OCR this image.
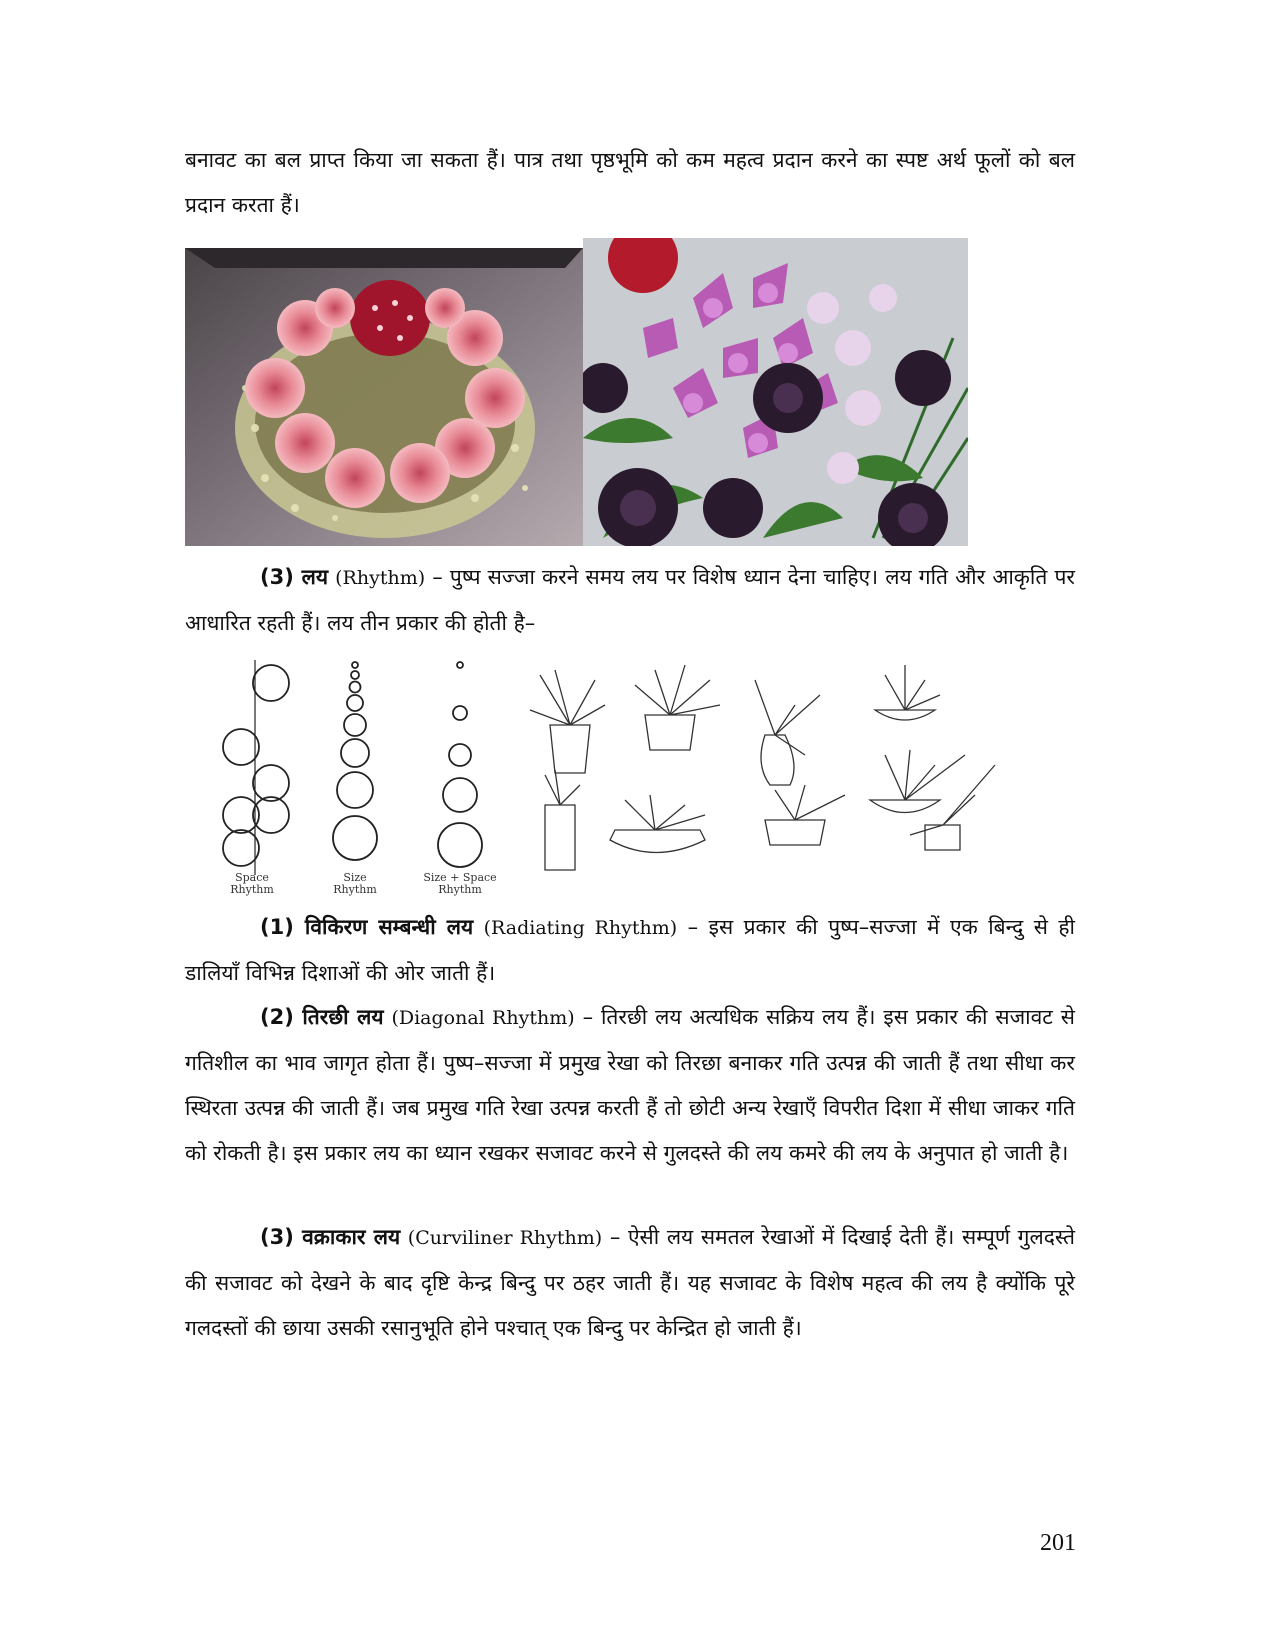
बनावट का बल प्राप्त किया जा सकता हैं। पात्र तथा पृष्ठभूमि को कम महत्व प्रदान करने का स्पष्ट अर्थ फूलों को बल प्रदान करता हैं।

(3) लय (Rhythm) – पुष्प सज्जा करने समय लय पर विशेष ध्यान देना चाहिए। लय गति और आकृति पर आधारित रहती हैं। लय तीन प्रकार की होती है–

Space
Rhythm
Size
Rhythm
Size + Space
Rhythm

(1) विकिरण सम्बन्धी लय (Radiating Rhythm) – इस प्रकार की पुष्प–सज्जा में एक बिन्दु से ही डालियाँ विभिन्न दिशाओं की ओर जाती हैं।

(2) तिरछी लय (Diagonal Rhythm) – तिरछी लय अत्यधिक सक्रिय लय हैं। इस प्रकार की सजावट से गतिशील का भाव जागृत होता हैं। पुष्प–सज्जा में प्रमुख रेखा को तिरछा बनाकर गति उत्पन्न की जाती हैं तथा सीधा कर स्थिरता उत्पन्न की जाती हैं। जब प्रमुख गति रेखा उत्पन्न करती हैं तो छोटी अन्य रेखाएँ विपरीत दिशा में सीधा जाकर गति को रोकती है। इस प्रकार लय का ध्यान रखकर सजावट करने से गुलदस्ते की लय कमरे की लय के अनुपात हो जाती है।

(3) वक्राकार लय (Curviliner Rhythm) – ऐसी लय समतल रेखाओं में दिखाई देती हैं। सम्पूर्ण गुलदस्ते की सजावट को देखने के बाद दृष्टि केन्द्र बिन्दु पर ठहर जाती हैं। यह सजावट के विशेष महत्व की लय है क्योंकि पूरे गलदस्तों की छाया उसकी रसानुभूति होने पश्चात् एक बिन्दु पर केन्द्रित हो जाती हैं।

201
